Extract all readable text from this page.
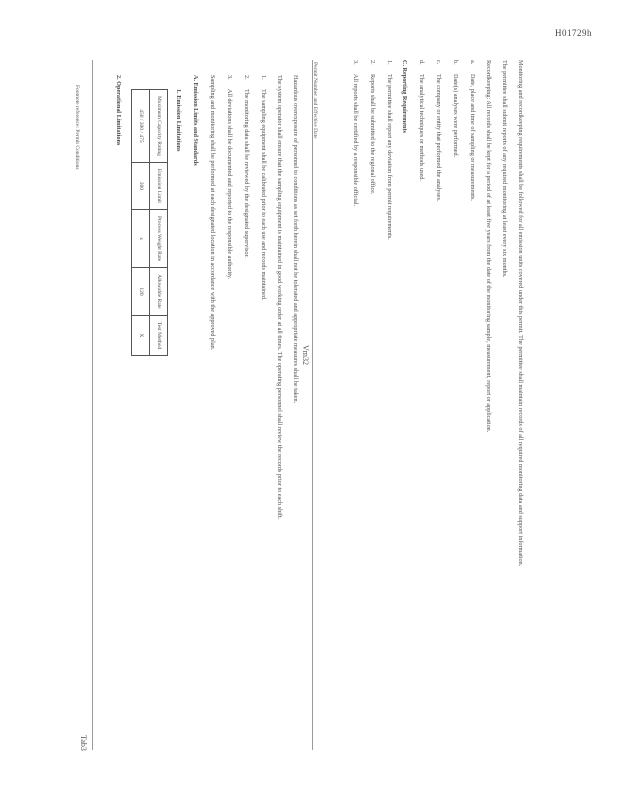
H01729h
Tab3
Vm32

Hazardous overexposure of personnel to conditions as set forth herein shall not be tolerated and appropriate measures shall be taken.

The system operator shall ensure that the sampling equipment is maintained in good working order at all times. The operating personnel shall review the records prior to each shift.

1.The sampling equipment shall be calibrated prior to each use and records maintained.
2.The monitoring data shall be reviewed by the designated supervisor.
3.All deviations shall be documented and reported to the responsible authority.

Sampling and monitoring shall be performed at each designated location in accordance with the approved plan.

A. Emission Limits and Standards
1. Emission Limitations
Maximum Capacity Rating	Emission Limit	Process Weight Rate	Allowable Rate	Test Method
450 / 300 / 475	300	x	120	X
2. Operational Limitations
Footnote reference: Permit Conditions	Monitoring and recordkeeping requirements shall be followed for all emission units covered under this permit. The permittee shall maintain records of all required monitoring data and support information.

The permittee shall submit reports of any required monitoring at least every six months.

Recordkeeping: All records shall be kept for a period of at least five years from the date of the monitoring sample, measurement, report or application.

a.Date, place and time of sampling or measurements.
b.Date(s) analyses were performed.
c.The company or entity that performed the analyses.
d.The analytical techniques or methods used.
C. Reporting Requirements
1.The permittee shall report any deviation from permit requirements.
2.Reports shall be submitted to the regional office.
3.All reports shall be certified by a responsible official.
Permit Number and Effective Date
